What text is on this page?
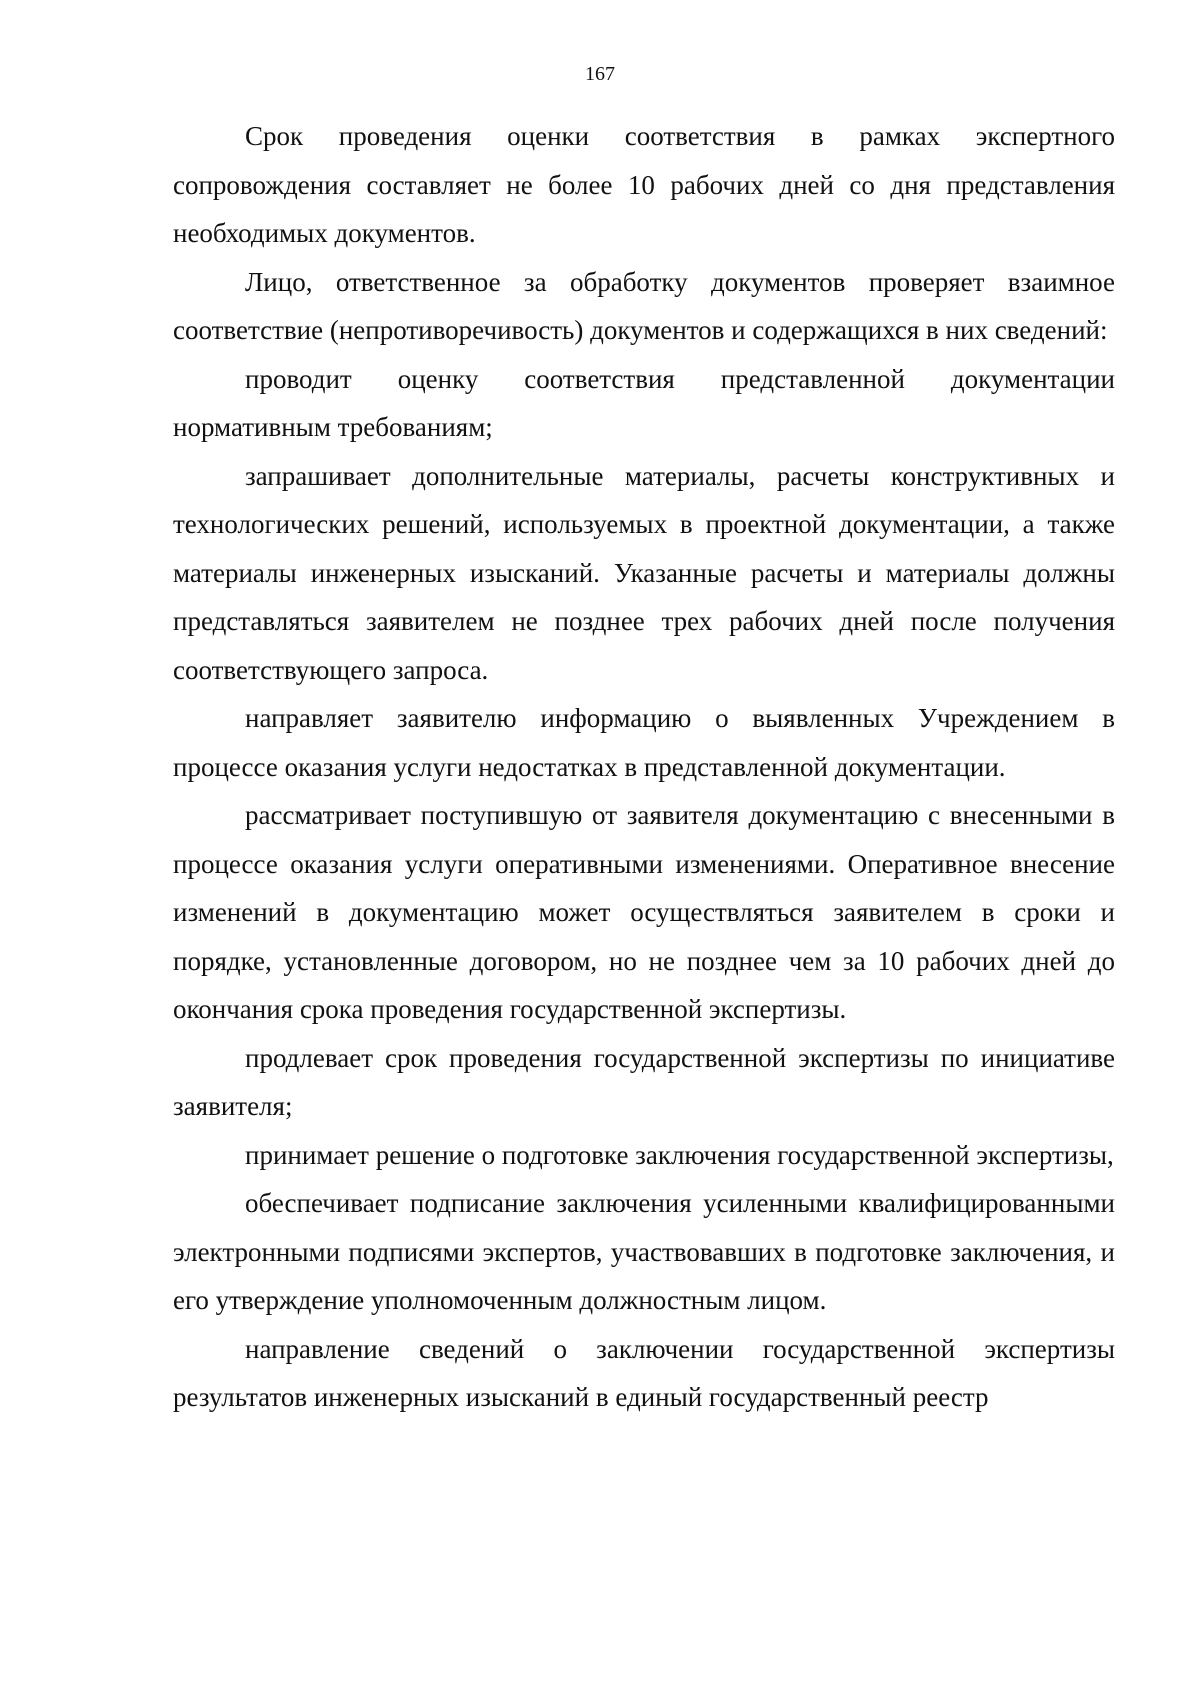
167

Срок проведения оценки соответствия в рамках экспертного сопровождения составляет не более 10 рабочих дней со дня представления необходимых документов.

Лицо, ответственное за обработку документов проверяет взаимное соответствие (непротиворечивость) документов и содержащихся в них сведений:

проводит оценку соответствия представленной документации нормативным требованиям;

запрашивает дополнительные материалы, расчеты конструктивных и технологических решений, используемых в проектной документации, а также материалы инженерных изысканий. Указанные расчеты и материалы должны представляться заявителем не позднее трех рабочих дней после получения соответствующего запроса.

направляет заявителю информацию о выявленных Учреждением в процессе оказания услуги недостатках в представленной документации.

рассматривает поступившую от заявителя документацию с внесенными в процессе оказания услуги оперативными изменениями. Оперативное внесение изменений в документацию может осуществляться заявителем в сроки и порядке, установленные договором, но не позднее чем за 10 рабочих дней до окончания срока проведения государственной экспертизы.

продлевает срок проведения государственной экспертизы по инициативе заявителя;

принимает решение о подготовке заключения государственной экспертизы,

обеспечивает подписание заключения усиленными квалифицированными электронными подписями экспертов, участвовавших в подготовке заключения, и его утверждение уполномоченным должностным лицом.

направление сведений о заключении государственной экспертизы результатов инженерных изысканий в единый государственный реестр
